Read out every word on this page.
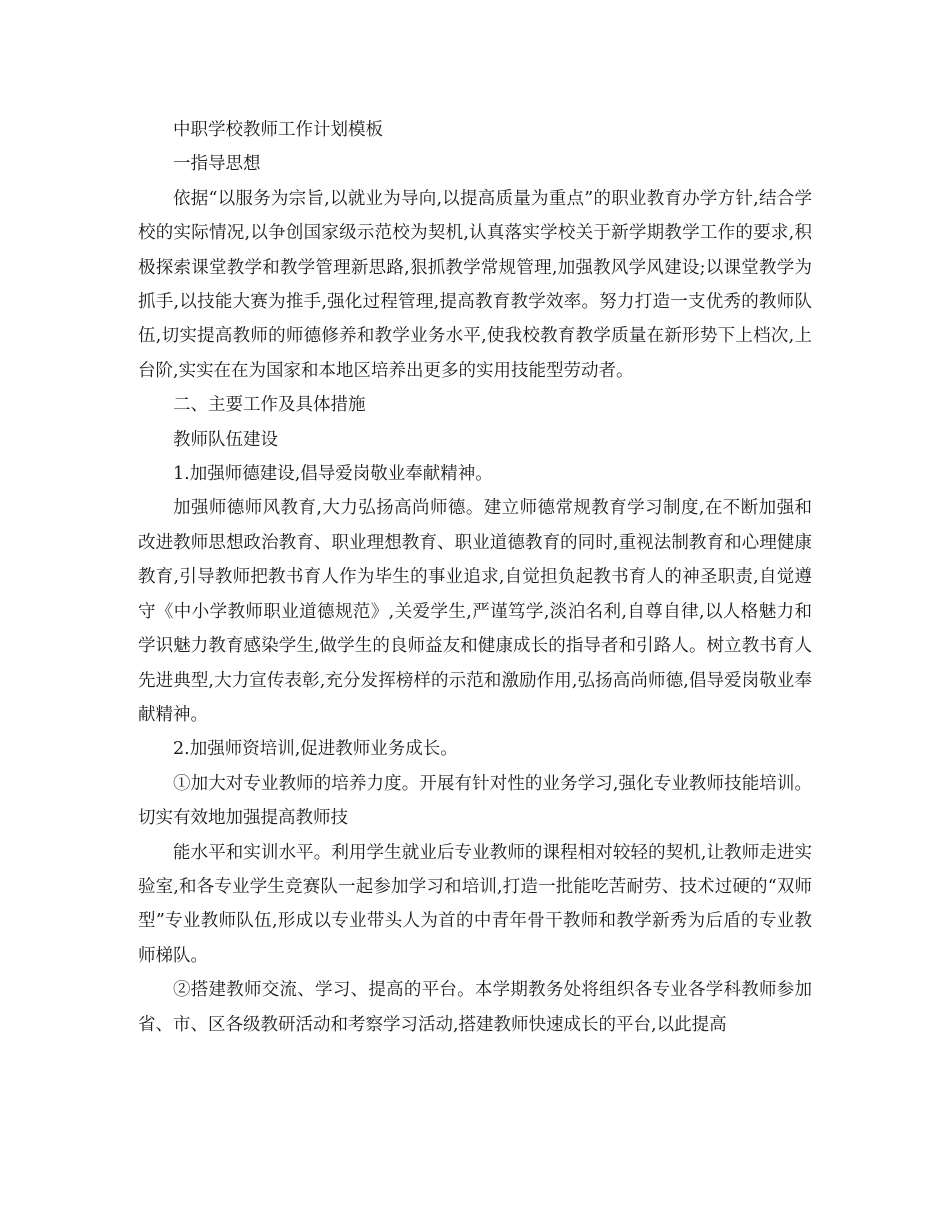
中职学校教师工作计划模板

一指导思想

依据“以服务为宗旨,以就业为导向,以提高质量为重点”的职业教育办学方针,结合学校的实际情况,以争创国家级示范校为契机,认真落实学校关于新学期教学工作的要求,积极探索课堂教学和教学管理新思路,狠抓教学常规管理,加强教风学风建设;以课堂教学为抓手,以技能大赛为推手,强化过程管理,提高教育教学效率。努力打造一支优秀的教师队伍,切实提高教师的师德修养和教学业务水平,使我校教育教学质量在新形势下上档次,上台阶,实实在在为国家和本地区培养出更多的实用技能型劳动者。

二、主要工作及具体措施

教师队伍建设

1.加强师德建设,倡导爱岗敬业奉献精神。

加强师德师风教育,大力弘扬高尚师德。建立师德常规教育学习制度,在不断加强和改进教师思想政治教育、职业理想教育、职业道德教育的同时,重视法制教育和心理健康教育,引导教师把教书育人作为毕生的事业追求,自觉担负起教书育人的神圣职责,自觉遵守《中小学教师职业道德规范》,关爱学生,严谨笃学,淡泊名利,自尊自律,以人格魅力和学识魅力教育感染学生,做学生的良师益友和健康成长的指导者和引路人。树立教书育人先进典型,大力宣传表彰,充分发挥榜样的示范和激励作用,弘扬高尚师德,倡导爱岗敬业奉献精神。

2.加强师资培训,促进教师业务成长。

①加大对专业教师的培养力度。开展有针对性的业务学习,强化专业教师技能培训。切实有效地加强提高教师技

能水平和实训水平。利用学生就业后专业教师的课程相对较轻的契机,让教师走进实验室,和各专业学生竞赛队一起参加学习和培训,打造一批能吃苦耐劳、技术过硬的“双师型”专业教师队伍,形成以专业带头人为首的中青年骨干教师和教学新秀为后盾的专业教师梯队。

②搭建教师交流、学习、提高的平台。本学期教务处将组织各专业各学科教师参加省、市、区各级教研活动和考察学习活动,搭建教师快速成长的平台,以此提高
